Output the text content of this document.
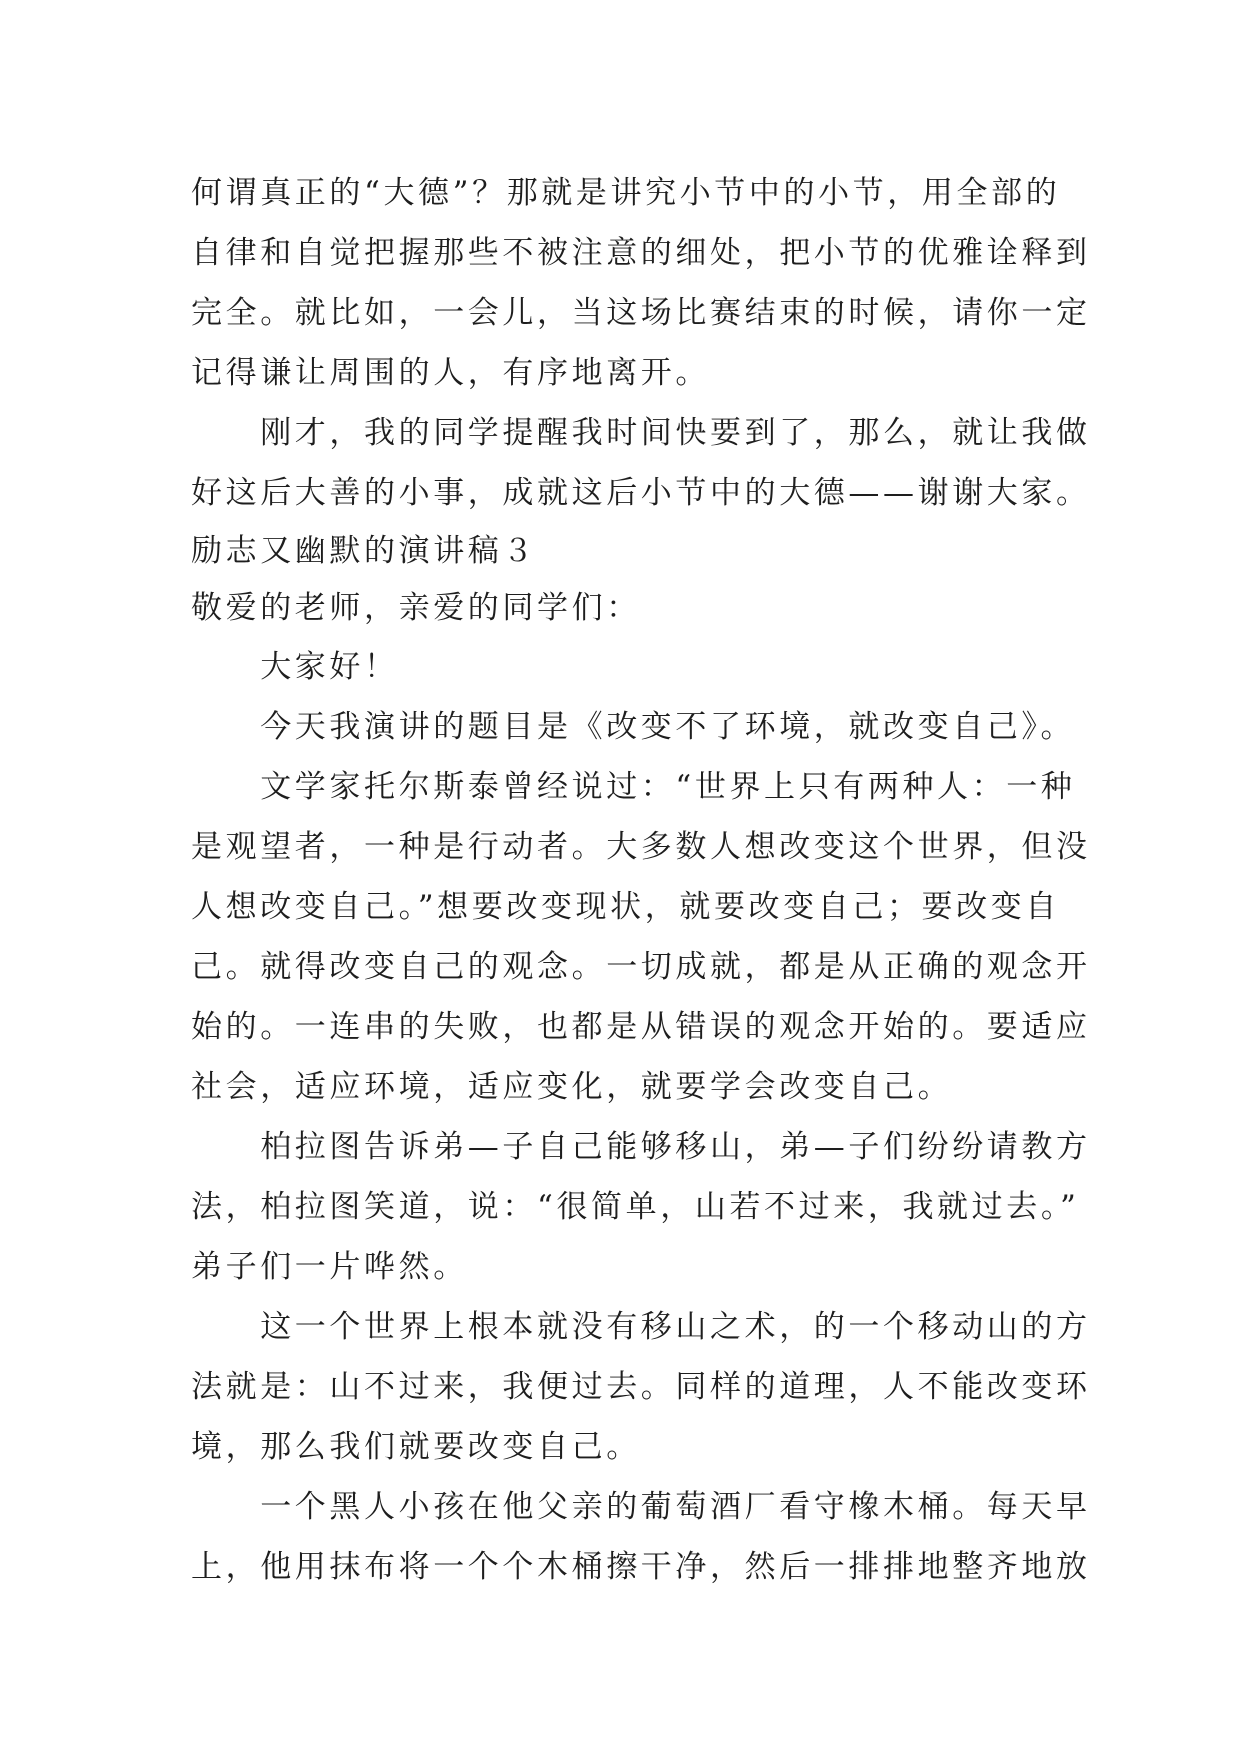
何谓真正的“大德”？那就是讲究小节中的小节，用全部的
自律和自觉把握那些不被注意的细处，把小节的优雅诠释到
完全。就比如，一会儿，当这场比赛结束的时候，请你一定
记得谦让周围的人，有序地离开。
　　刚才，我的同学提醒我时间快要到了，那么，就让我做
好这后大善的小事，成就这后小节中的大德——谢谢大家。
励志又幽默的演讲稿３
敬爱的老师，亲爱的同学们：
　　大家好！
　　今天我演讲的题目是《改变不了环境，就改变自己》。
　　文学家托尔斯泰曾经说过：“世界上只有两种人：一种
是观望者，一种是行动者。大多数人想改变这个世界，但没
人想改变自己。”想要改变现状，就要改变自己；要改变自
己。就得改变自己的观念。一切成就，都是从正确的观念开
始的。一连串的失败，也都是从错误的观念开始的。要适应
社会，适应环境，适应变化，就要学会改变自己。
　　柏拉图告诉弟—子自己能够移山，弟—子们纷纷请教方
法，柏拉图笑道，说：“很简单，山若不过来，我就过去。”
弟子们一片哗然。
　　这一个世界上根本就没有移山之术，的一个移动山的方
法就是：山不过来，我便过去。同样的道理，人不能改变环
境，那么我们就要改变自己。
　　一个黑人小孩在他父亲的葡萄酒厂看守橡木桶。每天早
上，他用抹布将一个个木桶擦干净，然后一排排地整齐地放
